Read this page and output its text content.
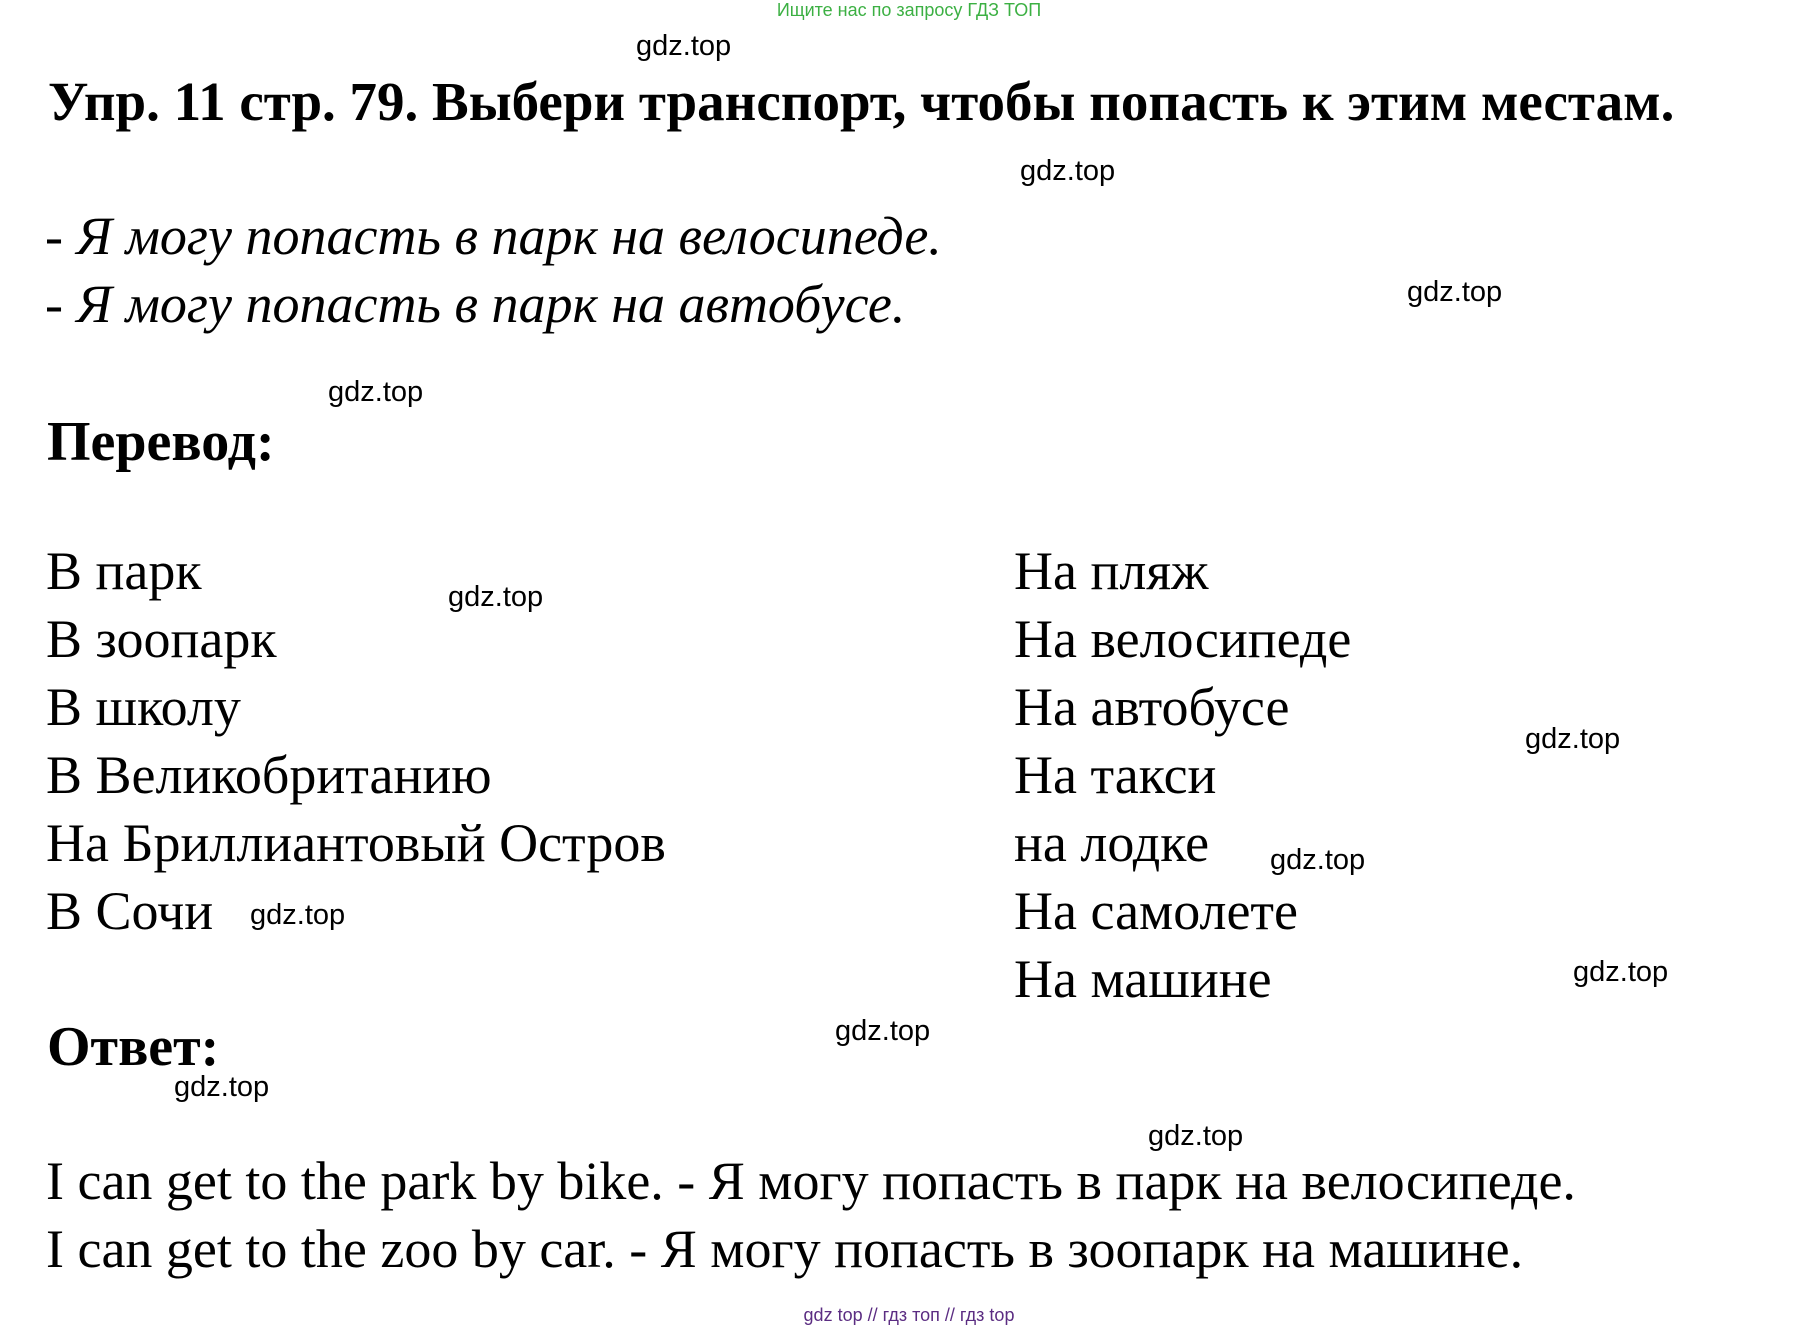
Ищите нас по запросу ГДЗ ТОП
Упр. 11 стр. 79. Выбери транспорт, чтобы попасть к этим местам.
- Я могу попасть в парк на велосипеде.
- Я могу попасть в парк на автобусе.
Перевод:
В парк
В зоопарк
В школу
В Великобританию
На Бриллиантовый Остров
В Сочи
На пляж
На велосипеде
На автобусе
На такси
на лодке
На самолете
На машине
Ответ:
I can get to the park by bike. - Я могу попасть в парк на велосипеде.
I can get to the zoo by car. - Я могу попасть в зоопарк на машине.
gdz.top
gdz.top
gdz.top
gdz.top
gdz.top
gdz.top
gdz.top
gdz.top
gdz.top
gdz.top
gdz.top
gdz.top
gdz top // гдз топ // гдз top
